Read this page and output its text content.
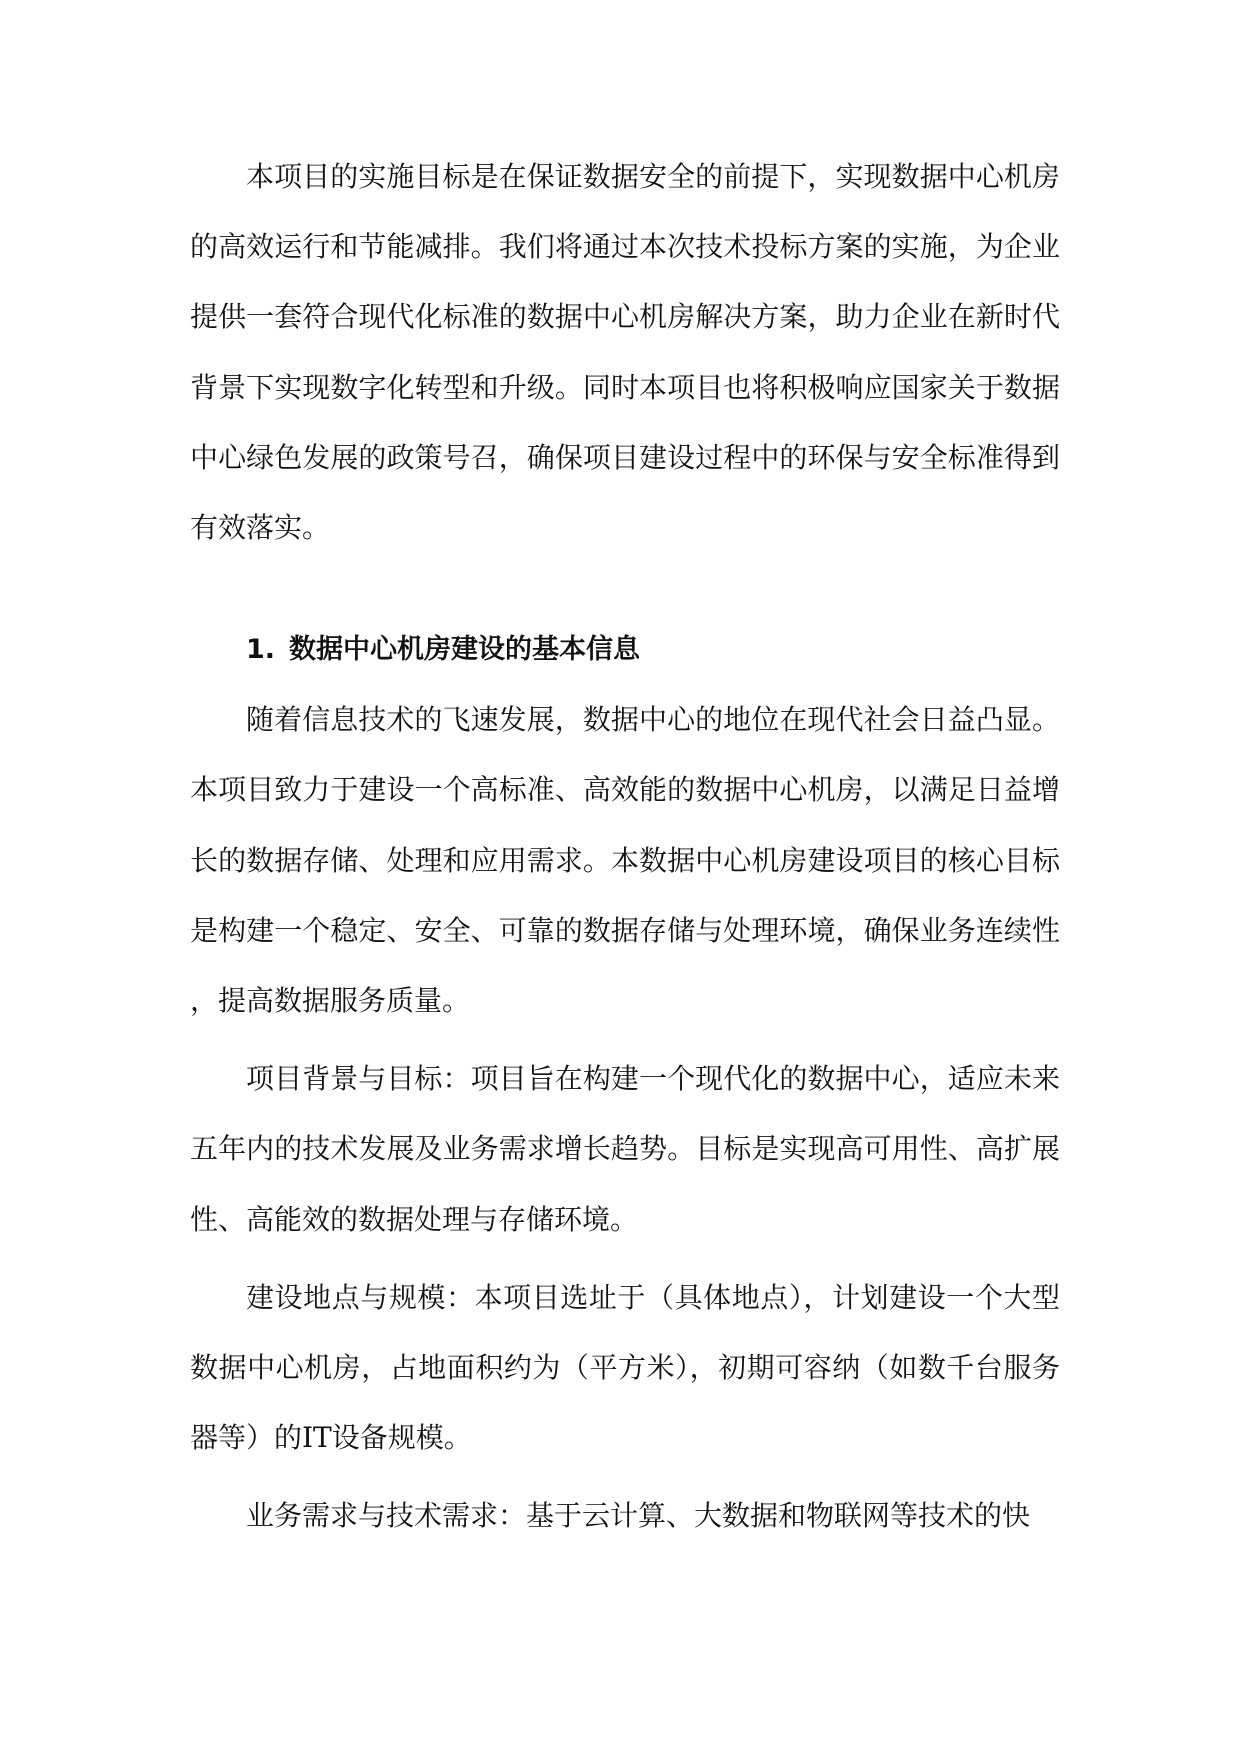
本项目的实施目标是在保证数据安全的前提下，实现数据中心机房的高效运行和节能减排。我们将通过本次技术投标方案的实施，为企业提供一套符合现代化标准的数据中心机房解决方案，助力企业在新时代背景下实现数字化转型和升级。同时本项目也将积极响应国家关于数据中心绿色发展的政策号召，确保项目建设过程中的环保与安全标准得到有效落实。

1. 数据中心机房建设的基本信息

随着信息技术的飞速发展，数据中心的地位在现代社会日益凸显。本项目致力于建设一个高标准、高效能的数据中心机房，以满足日益增长的数据存储、处理和应用需求。本数据中心机房建设项目的核心目标是构建一个稳定、安全、可靠的数据存储与处理环境，确保业务连续性，提高数据服务质量。

项目背景与目标：项目旨在构建一个现代化的数据中心，适应未来五年内的技术发展及业务需求增长趋势。目标是实现高可用性、高扩展性、高能效的数据处理与存储环境。

建设地点与规模：本项目选址于（具体地点），计划建设一个大型数据中心机房，占地面积约为（平方米），初期可容纳（如数千台服务器等）的IT设备规模。

业务需求与技术需求：基于云计算、大数据和物联网等技术的快
